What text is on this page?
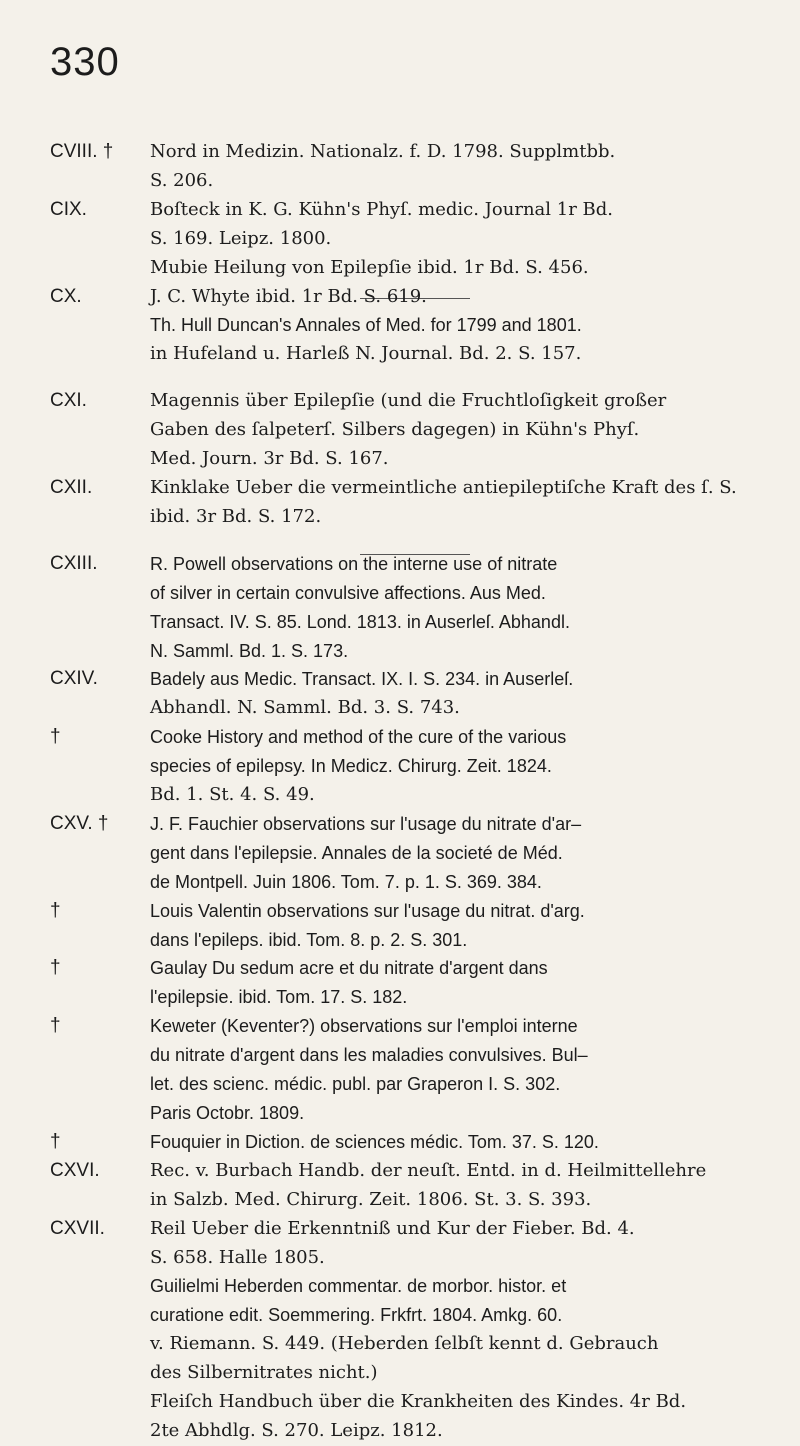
330
CVIII. †	Nord in Medizin. Nationalz. f. D. 1798. Supplmtbb.

S. 206.

CIX.	Boſteck in K. G. Kühn's Phyſ. medic. Journal 1r Bd.

S. 169. Leipz. 1800.

Mubie Heilung von Epilepſie ibid. 1r Bd. S. 456.

CX.	J. C. Whyte ibid. 1r Bd. S. 619.

Th. Hull Duncan's Annales of Med. for 1799 and 1801.

in Hufeland u. Harleß N. Journal. Bd. 2. S. 157.

CXI.	Magennis über Epilepſie (und die Fruchtloſigkeit großer

Gaben des ſalpeterſ. Silbers dagegen) in Kühn's Phyſ.

Med. Journ. 3r Bd. S. 167.

CXII.	Kinklake Ueber die vermeintliche antiepileptiſche Kraft des ſ. S.

ibid. 3r Bd. S. 172.

CXIII.	R. Powell observations on the interne use of nitrate

of silver in certain convulsive affections. Aus Med.

Transact. IV. S. 85. Lond. 1813. in Auserleſ. Abhandl.

N. Samml. Bd. 1. S. 173.

CXIV.	Badely aus Medic. Transact. IX. I. S. 234. in Auserleſ.

Abhandl. N. Samml. Bd. 3. S. 743.

†	Cooke History and method of the cure of the various

species of epilepsy. In Medicz. Chirurg. Zeit. 1824.

Bd. 1. St. 4. S. 49.

CXV. †	J. F. Fauchier observations sur l'usage du nitrate d'ar–

gent dans l'epilepsie. Annales de la societé de Méd.

de Montpell. Juin 1806. Tom. 7. p. 1. S. 369. 384.

†	Louis Valentin observations sur l'usage du nitrat. d'arg.

dans l'epileps. ibid. Tom. 8. p. 2. S. 301.

†	Gaulay Du sedum acre et du nitrate d'argent dans

l'epilepsie. ibid. Tom. 17. S. 182.

†	Keweter (Keventer?) observations sur l'emploi interne

du nitrate d'argent dans les maladies convulsives. Bul–

let. des scienc. médic. publ. par Graperon I. S. 302.

Paris Octobr. 1809.

†	Fouquier in Diction. de sciences médic. Tom. 37. S. 120.

CXVI.	Rec. v. Burbach Handb. der neuſt. Entd. in d. Heilmittellehre

in Salzb. Med. Chirurg. Zeit. 1806. St. 3. S. 393.

CXVII.	Reil Ueber die Erkenntniß und Kur der Fieber. Bd. 4.

S. 658. Halle 1805.

Guilielmi Heberden commentar. de morbor. histor. et

curatione edit. Soemmering. Frkfrt. 1804. Amkg. 60.

v. Riemann. S. 449. (Heberden ſelbſt kennt d. Gebrauch

des Silbernitrates nicht.)

Fleiſch Handbuch über die Krankheiten des Kindes. 4r Bd.

2te Abhdlg. S. 270. Leipz. 1812.
